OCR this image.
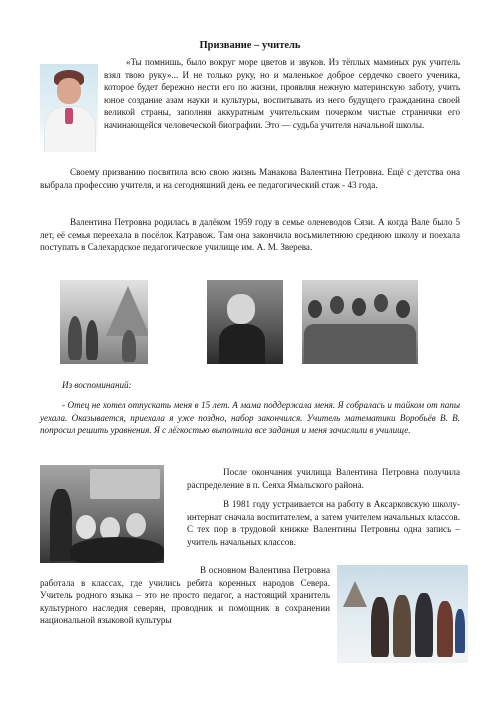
Призвание – учитель

«Ты помнишь, было вокруг море цветов и звуков. Из тёплых маминых рук учитель взял твою руку»... И не только руку, но и маленькое доброе сердечко своего ученика, которое будет бережно нести его по жизни, проявляя нежную материнскую заботу, учить юное создание азам науки и культуры, воспитывать из него будущего гражданина своей великой страны, заполняя аккуратным учительским почерком чистые странички его начинающейся человеческой биографии. Это — судьба учителя начальной школы.

Своему призванию посвятила всю свою жизнь Манакова Валентина Петровна. Ещё с детства она выбрала профессию учителя, и на сегодняшний день ее педагогический стаж - 43 года.

Валентина Петровна родилась в далёком 1959 году в семье оленеводов Сязи. А когда Вале было 5 лет, её семья переехала в посёлок Катравож. Там она закончила восьмилетнюю среднюю школу и поехала поступать в Салехардское педагогическое училище им. А. М. Зверева.

Из воспоминаний:

- Отец не хотел отпускать меня в 15 лет. А мама поддержала меня. Я собралась и тайком от папы уехала. Оказывается, приехала я уже поздно, набор закончился. Учитель математики Воробьёв В. В. попросил решить уравнения. Я с лёгкостью выполнила все задания и меня зачислили в училище.

После окончания училища Валентина Петровна получила распределение в п. Сеяха Ямальского района.

В 1981 году устраивается на работу в Аксарковскую школу-интернат сначала воспитателем, а затем учителем начальных классов. С тех пор в трудовой книжке Валентины Петровны одна запись – учитель начальных классов.

В основном Валентина Петровна работала в классах, где учились ребята коренных народов Севера. Учитель родного языка – это не просто педагог, а настоящий хранитель культурного наследия северян, проводник и помощник в сохранении национальной языковой культуры
